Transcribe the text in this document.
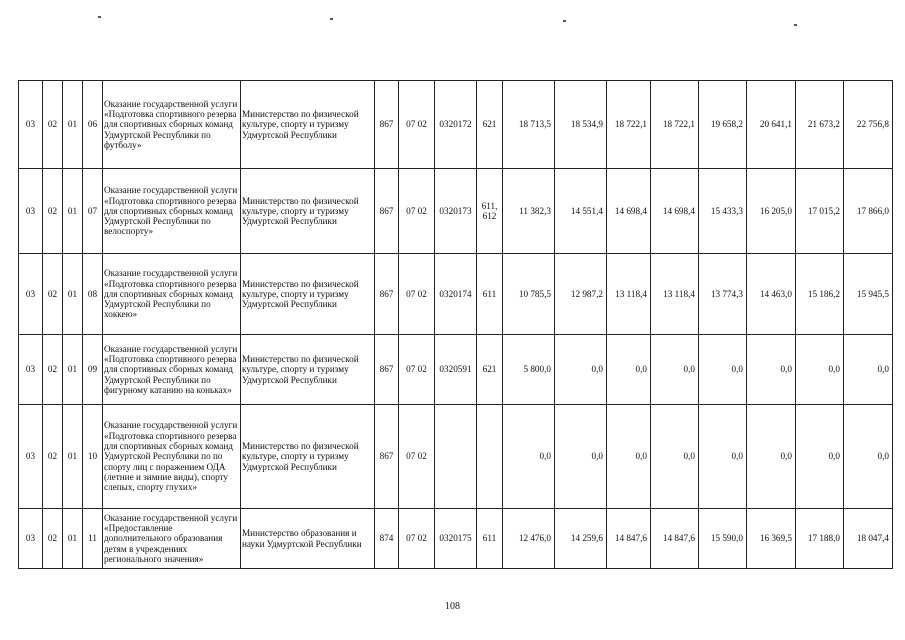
03	02	01	06	Оказание государственной услуги «Подготовка спортивного резерва для спортивных сборных команд Удмуртской Республики по футболу»	Министерство по физической культуре, спорту и туризму Удмуртской Республики	867	07 02	0320172	621	18 713,5	18 534,9	18 722,1	18 722,1	19 658,2	20 641,1	21 673,2	22 756,8
03	02	01	07	Оказание государственной услуги «Подготовка спортивного резерва для спортивных сборных команд Удмуртской Республики по велоспорту»	Министерство по физической культуре, спорту и туризму Удмуртской Республики	867	07 02	0320173	611, 612	11 382,3	14 551,4	14 698,4	14 698,4	15 433,3	16 205,0	17 015,2	17 866,0
03	02	01	08	Оказание государственной услуги «Подготовка спортивного резерва для спортивных сборных команд Удмуртской Республики по хоккею»	Министерство по физической культуре, спорту и туризму Удмуртской Республики	867	07 02	0320174	611	10 785,5	12 987,2	13 118,4	13 118,4	13 774,3	14 463,0	15 186,2	15 945,5
03	02	01	09	Оказание государственной услуги «Подготовка спортивного резерва для спортивных сборных команд Удмуртской Республики по фигурному катанию на коньках»	Министерство по физической культуре, спорту и туризму Удмуртской Республики	867	07 02	0320591	621	5 800,0	0,0	0,0	0,0	0,0	0,0	0,0	0,0
03	02	01	10	Оказание государственной услуги «Подготовка спортивного резерва для спортивных сборных команд Удмуртской Республики по по спорту лиц с поражением ОДА (летние и зимние виды), спорту слепых, спорту глухих»	Министерство по физической культуре, спорту и туризму Удмуртской Республики	867	07 02			0,0	0,0	0,0	0,0	0,0	0,0	0,0	0,0
03	02	01	11	Оказание государственной услуги «Предоставление дополнительного образования детям в учреждениях регионального значения»	Министерство образования и науки Удмуртской Республики	874	07 02	0320175	611	12 476,0	14 259,6	14 847,6	14 847,6	15 590,0	16 369,5	17 188,0	18 047,4
108
